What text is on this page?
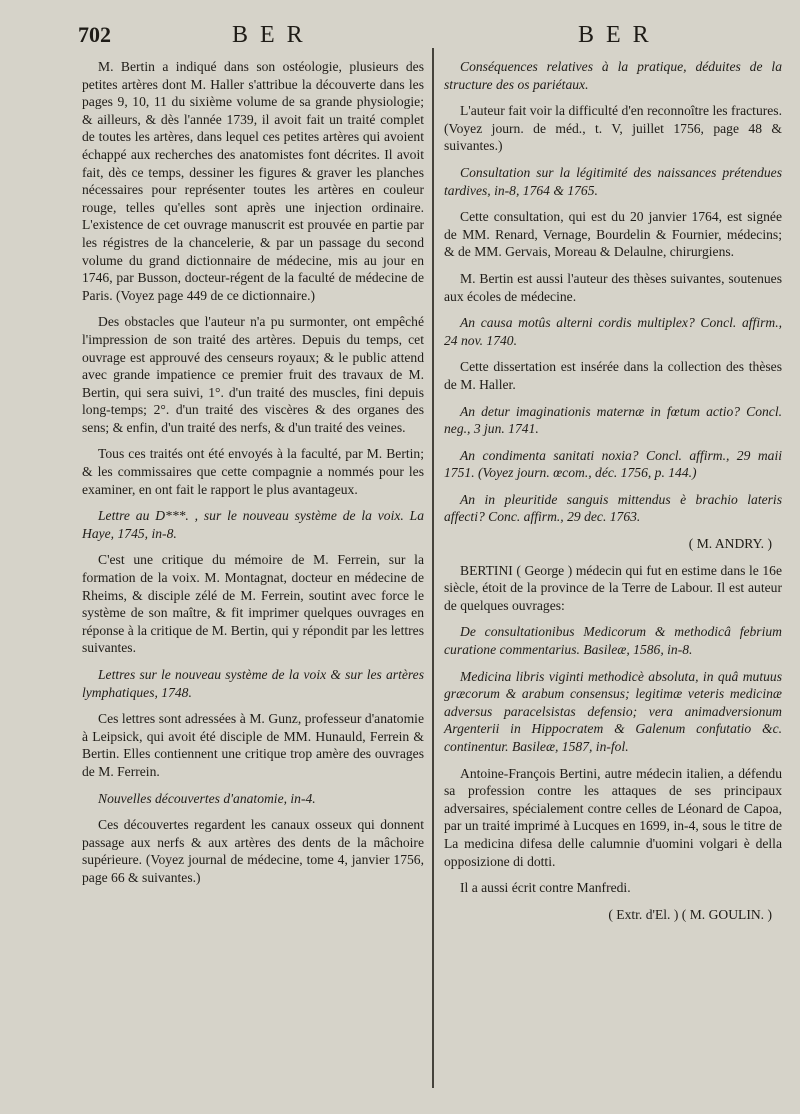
702	BER	BER

M. Bertin a indiqué dans son ostéologie, plusieurs des petites artères dont M. Haller s'attribue la découverte dans les pages 9, 10, 11 du sixième volume de sa grande physiologie; & ailleurs, & dès l'année 1739, il avoit fait un traité complet de toutes les artères, dans lequel ces petites artères qui avoient échappé aux recherches des anatomistes font décrites. Il avoit fait, dès ce temps, dessiner les figures & graver les planches nécessaires pour représenter toutes les artères en couleur rouge, telles qu'elles sont après une injection ordinaire. L'existence de cet ouvrage manuscrit est prouvée en partie par les régistres de la chancelerie, & par un passage du second volume du grand dictionnaire de médecine, mis au jour en 1746, par Busson, docteur-régent de la faculté de médecine de Paris. (Voyez page 449 de ce dictionnaire.)

Des obstacles que l'auteur n'a pu surmonter, ont empêché l'impression de son traité des artères. Depuis du temps, cet ouvrage est approuvé des censeurs royaux; & le public attend avec grande impatience ce premier fruit des travaux de M. Bertin, qui sera suivi, 1°. d'un traité des muscles, fini depuis long-temps; 2°. d'un traité des viscères & des organes des sens; & enfin, d'un traité des nerfs, & d'un traité des veines.

Tous ces traités ont été envoyés à la faculté, par M. Bertin; & les commissaires que cette compagnie a nommés pour les examiner, en ont fait le rapport le plus avantageux.

Lettre au D***. , sur le nouveau système de la voix. La Haye, 1745, in-8.

C'est une critique du mémoire de M. Ferrein, sur la formation de la voix. M. Montagnat, docteur en médecine de Rheims, & disciple zélé de M. Ferrein, soutint avec force le système de son maître, & fit imprimer quelques ouvrages en réponse à la critique de M. Bertin, qui y répondit par les lettres suivantes.

Lettres sur le nouveau système de la voix & sur les artères lymphatiques, 1748.

Ces lettres sont adressées à M. Gunz, professeur d'anatomie à Leipsick, qui avoit été disciple de MM. Hunauld, Ferrein & Bertin. Elles contiennent une critique trop amère des ouvrages de M. Ferrein.

Nouvelles découvertes d'anatomie, in-4.

Ces découvertes regardent les canaux osseux qui donnent passage aux nerfs & aux artères des dents de la mâchoire supérieure. (Voyez journal de médecine, tome 4, janvier 1756, page 66 & suivantes.)

Conséquences relatives à la pratique, déduites de la structure des os pariétaux.

L'auteur fait voir la difficulté d'en reconnoître les fractures. (Voyez journ. de méd., t. V, juillet 1756, page 48 & suivantes.)

Consultation sur la légitimité des naissances prétendues tardives, in-8, 1764 & 1765.

Cette consultation, qui est du 20 janvier 1764, est signée de MM. Renard, Vernage, Bourdelin & Fournier, médecins; & de MM. Gervais, Moreau & Delaulne, chirurgiens.

M. Bertin est aussi l'auteur des thèses suivantes, soutenues aux écoles de médecine.

An causa motûs alterni cordis multiplex? Concl. affirm., 24 nov. 1740.

Cette dissertation est insérée dans la collection des thèses de M. Haller.

An detur imaginationis maternæ in fœtum actio? Concl. neg., 3 jun. 1741.

An condimenta sanitati noxia? Concl. affirm., 29 maii 1751. (Voyez journ. œcom., déc. 1756, p. 144.)

An in pleuritide sanguis mittendus è brachio lateris affecti? Conc. affirm., 29 dec. 1763.

( M. ANDRY. )

BERTINI ( George ) médecin qui fut en estime dans le 16e siècle, étoit de la province de la Terre de Labour. Il est auteur de quelques ouvrages:

De consultationibus Medicorum & methodicâ febrium curatione commentarius. Basileæ, 1586, in-8.

Medicina libris viginti methodicè absoluta, in quâ mutuus græcorum & arabum consensus; legitimæ veteris medicinæ adversus paracelsistas defensio; vera animadversionum Argenterii in Hippocratem & Galenum confutatio &c. continentur. Basileæ, 1587, in-fol.

Antoine-François Bertini, autre médecin italien, a défendu sa profession contre les attaques de ses principaux adversaires, spécialement contre celles de Léonard de Capoa, par un traité imprimé à Lucques en 1699, in-4, sous le titre de La medicina difesa delle calumnie d'uomini volgari è della opposizione di dotti.

Il a aussi écrit contre Manfredi.

( Extr. d'El. ) ( M. GOULIN. )
